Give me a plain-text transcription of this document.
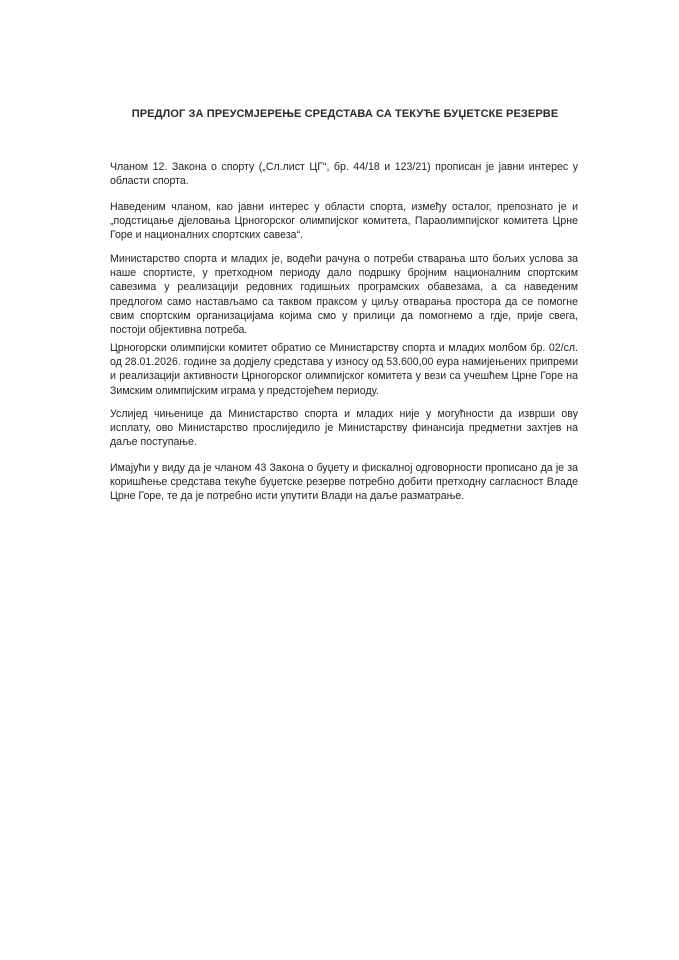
ПРЕДЛОГ ЗА ПРЕУСМЈЕРЕЊЕ СРЕДСТАВА СА ТЕКУЋЕ БУЏЕТСКЕ РЕЗЕРВЕ

Чланом 12. Закона о спорту („Сл.лист ЦГ“, бр. 44/18 и 123/21) прописан је јавни интерес у области спорта.

Наведеним чланом, као јавни интерес у области спорта, између осталог, препознато је и „подстицање дјеловања Црногорског олимпијског комитета, Параолимпијског комитета Црне Горе и националних спортских савеза“.

Министарство спорта и младих је, водећи рачуна о потреби стварања што бољих услова за наше спортисте, у претходном периоду дало подршку бројним националним спортским савезима у реализацији редовних годишњих програмских обавезама, а са наведеним предлогом само настављамо са таквом праксом у циљу отварања простора да се помогне свим спортским организацијама којима смо у прилици да помогнемо а гдје, прије свега, постоји објективна потреба.

Црногорски олимпијски комитет обратио се Министарству спорта и младих молбом бр. 02/сл. од 28.01.2026. године за додјелу средстава у износу од 53.600,00 еура намијењених припреми и реализацији активности Црногорског олимпијског комитета у вези са учешћем Црне Горе на Зимским олимпијским играма у предстојећем периоду.

Услијед чињенице да Министарство спорта и младих није у могућности да изврши ову исплату, ово Министарство прослиједило је Министарству финансија предметни захтјев на даље поступање.

Имајући у виду да је чланом 43 Закона о буџету и фискалној одговорности прописано да је за коришћење средстава текуће буџетске резерве потребно добити претходну сагласност Владе Црне Горе, те да је потребно исти упутити Влади на даље разматрање.
